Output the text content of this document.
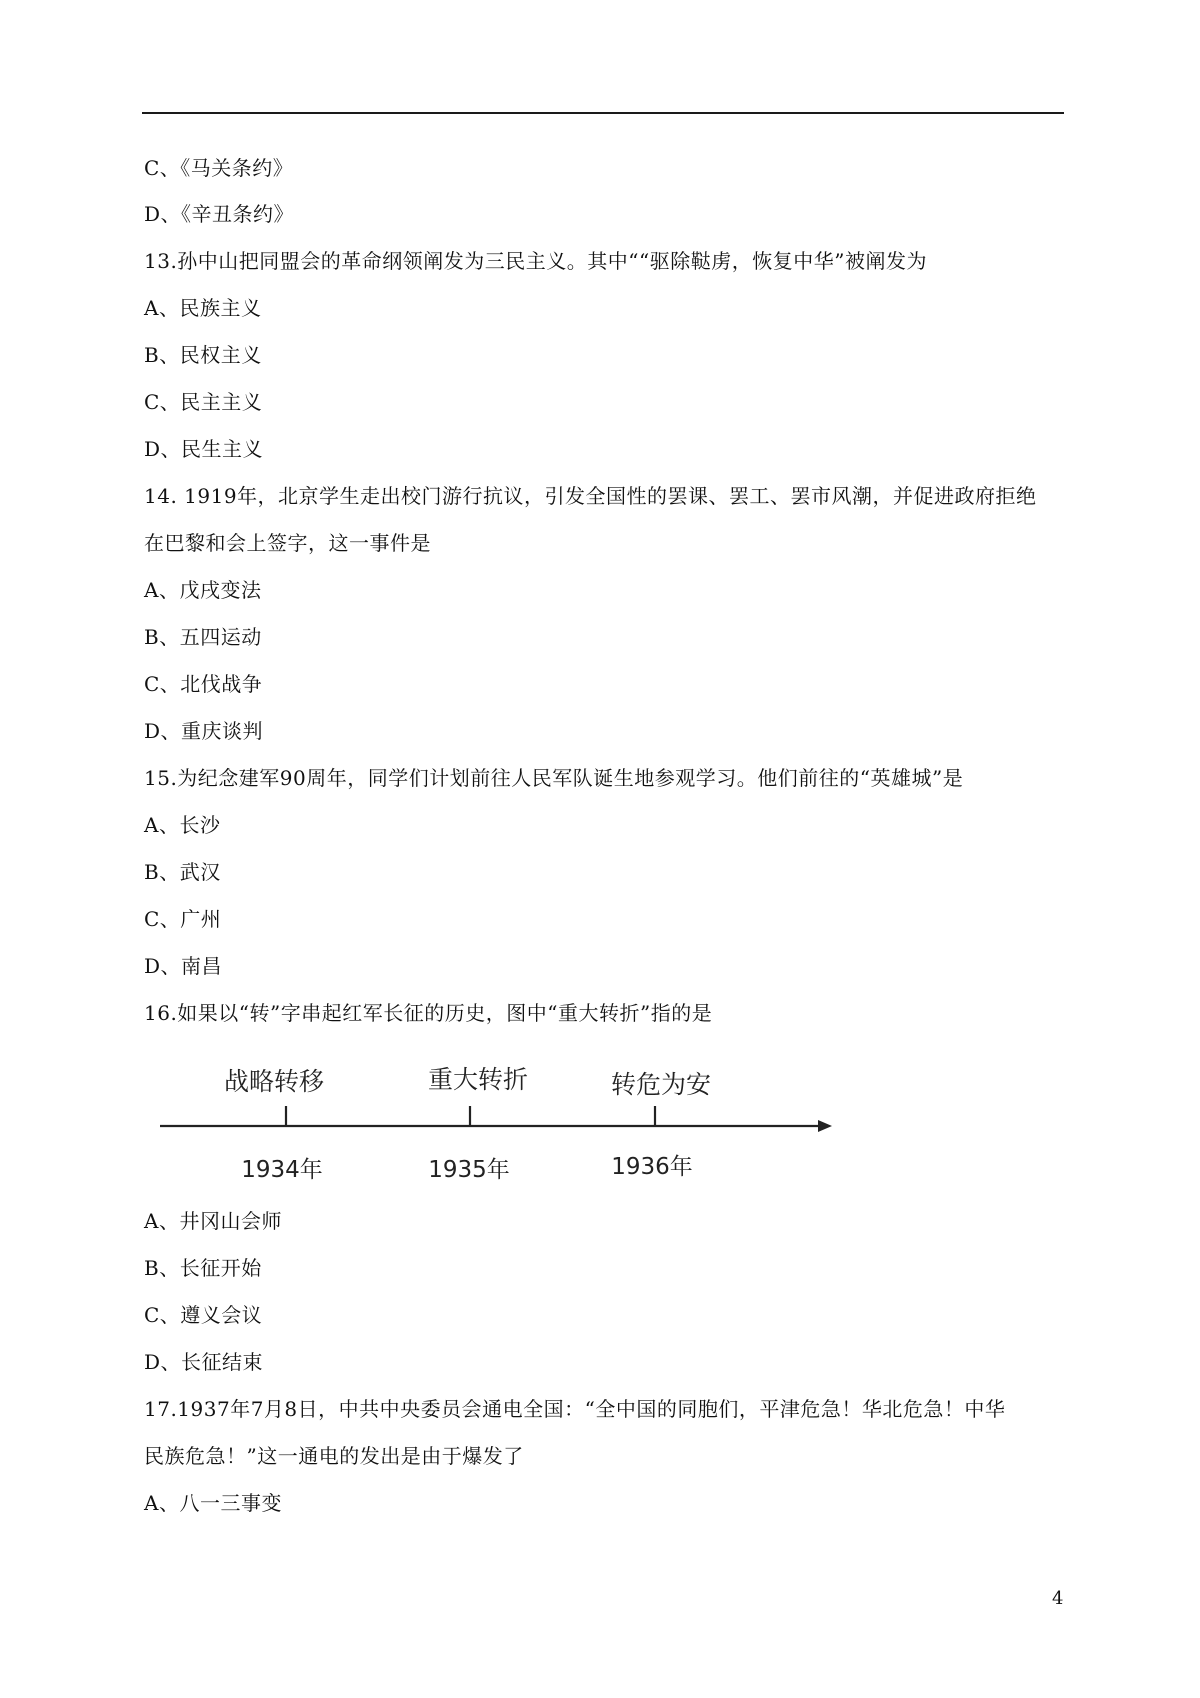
C、《马关条约》
D、《辛丑条约》
13.孙中山把同盟会的革命纲领阐发为三民主义。其中““驱除鞑虏，恢复中华”被阐发为
A、民族主义
B、民权主义
C、民主主义
D、民生主义
14. 1919年，北京学生走出校门游行抗议，引发全国性的罢课、罢工、罢市风潮，并促进政府拒绝
在巴黎和会上签字，这一事件是
A、戊戌变法
B、五四运动
C、北伐战争
D、重庆谈判
15.为纪念建军90周年，同学们计划前往人民军队诞生地参观学习。他们前往的“英雄城”是
A、长沙
B、武汉
C、广州
D、南昌
16.如果以“转”字串起红军长征的历史，图中“重大转折”指的是
战略转移	重大转折	转危为安
1934年	1935年	1936年
A、井冈山会师
B、长征开始
C、遵义会议
D、长征结束
17.1937年7月8日，中共中央委员会通电全国：“全中国的同胞们，平津危急！华北危急！中华
民族危急！”这一通电的发出是由于爆发了
A、八一三事变
4
